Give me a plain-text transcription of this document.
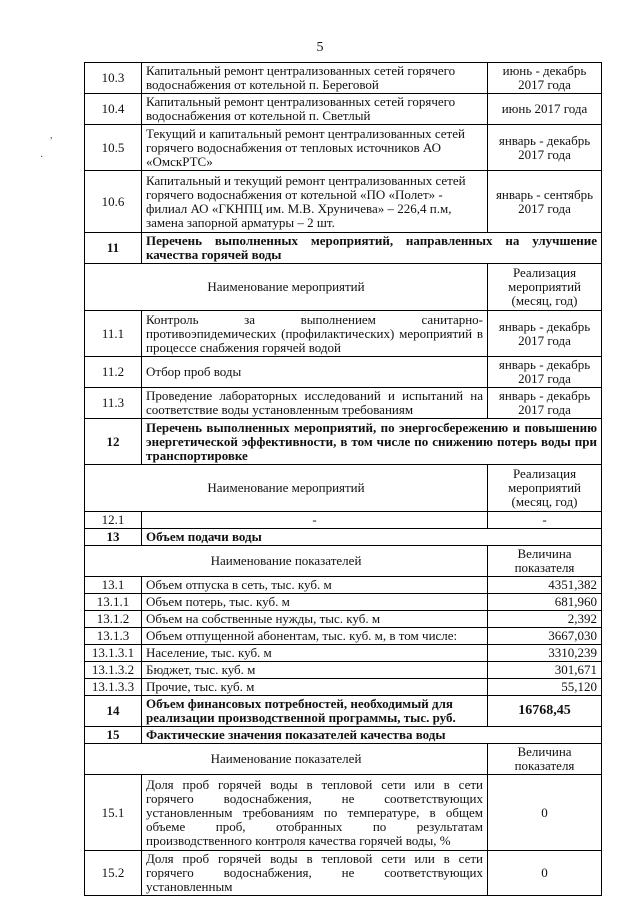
5
,
·
10.3	Капитальный ремонт централизованных сетей горячего водоснабжения от котельной п. Береговой	июнь - декабрь 2017 года
10.4	Капитальный ремонт централизованных сетей горячего водоснабжения от котельной п. Светлый	июнь 2017 года
10.5	Текущий и капитальный ремонт централизованных сетей горячего водоснабжения от тепловых источников АО «ОмскРТС»	январь - декабрь 2017 года
10.6	Капитальный и текущий ремонт централизованных сетей горячего водоснабжения от котельной «ПО «Полет» - филиал АО «ГКНПЦ им. М.В. Хруничева» – 226,4 п.м, замена запорной арматуры – 2 шт.	январь - сентябрь 2017 года
11	Перечень выполненных мероприятий, направленных на улучшение качества горячей воды	
Наименование мероприятий		Реализация мероприятий (месяц, год)
11.1	Контроль за выполнением санитарно-противоэпидемических (профилактических) мероприятий в процессе снабжения горячей водой	январь - декабрь 2017 года
11.2	Отбор проб воды	январь - декабрь 2017 года
11.3	Проведение лабораторных исследований и испытаний на соответствие воды установленным требованиям	январь - декабрь 2017 года
12	Перечень выполненных мероприятий, по энергосбережению и повышению энергетической эффективности, в том числе по снижению потерь воды при транспортировке	
Наименование мероприятий		Реализация мероприятий (месяц, год)
12.1	-	-
13	Объем подачи воды	
Наименование показателей		Величина показателя
13.1	Объем отпуска в сеть, тыс. куб. м	4351,382
13.1.1	Объем потерь, тыс. куб. м	681,960
13.1.2	Объем на собственные нужды, тыс. куб. м	2,392
13.1.3	Объем отпущенной абонентам, тыс. куб. м, в том числе:	3667,030
13.1.3.1	Население, тыс. куб. м	3310,239
13.1.3.2	Бюджет, тыс. куб. м	301,671
13.1.3.3	Прочие, тыс. куб. м	55,120
14	Объем финансовых потребностей, необходимый для реализации производственной программы, тыс. руб.	16768,45
15	Фактические значения показателей качества воды	
Наименование показателей		Величина показателя
15.1	Доля проб горячей воды в тепловой сети или в сети горячего водоснабжения, не соответствующих установленным требованиям по температуре, в общем объеме проб, отобранных по результатам производственного контроля качества горячей воды, %	0
15.2	Доля проб горячей воды в тепловой сети или в сети горячего водоснабжения, не соответствующих установленным	0
